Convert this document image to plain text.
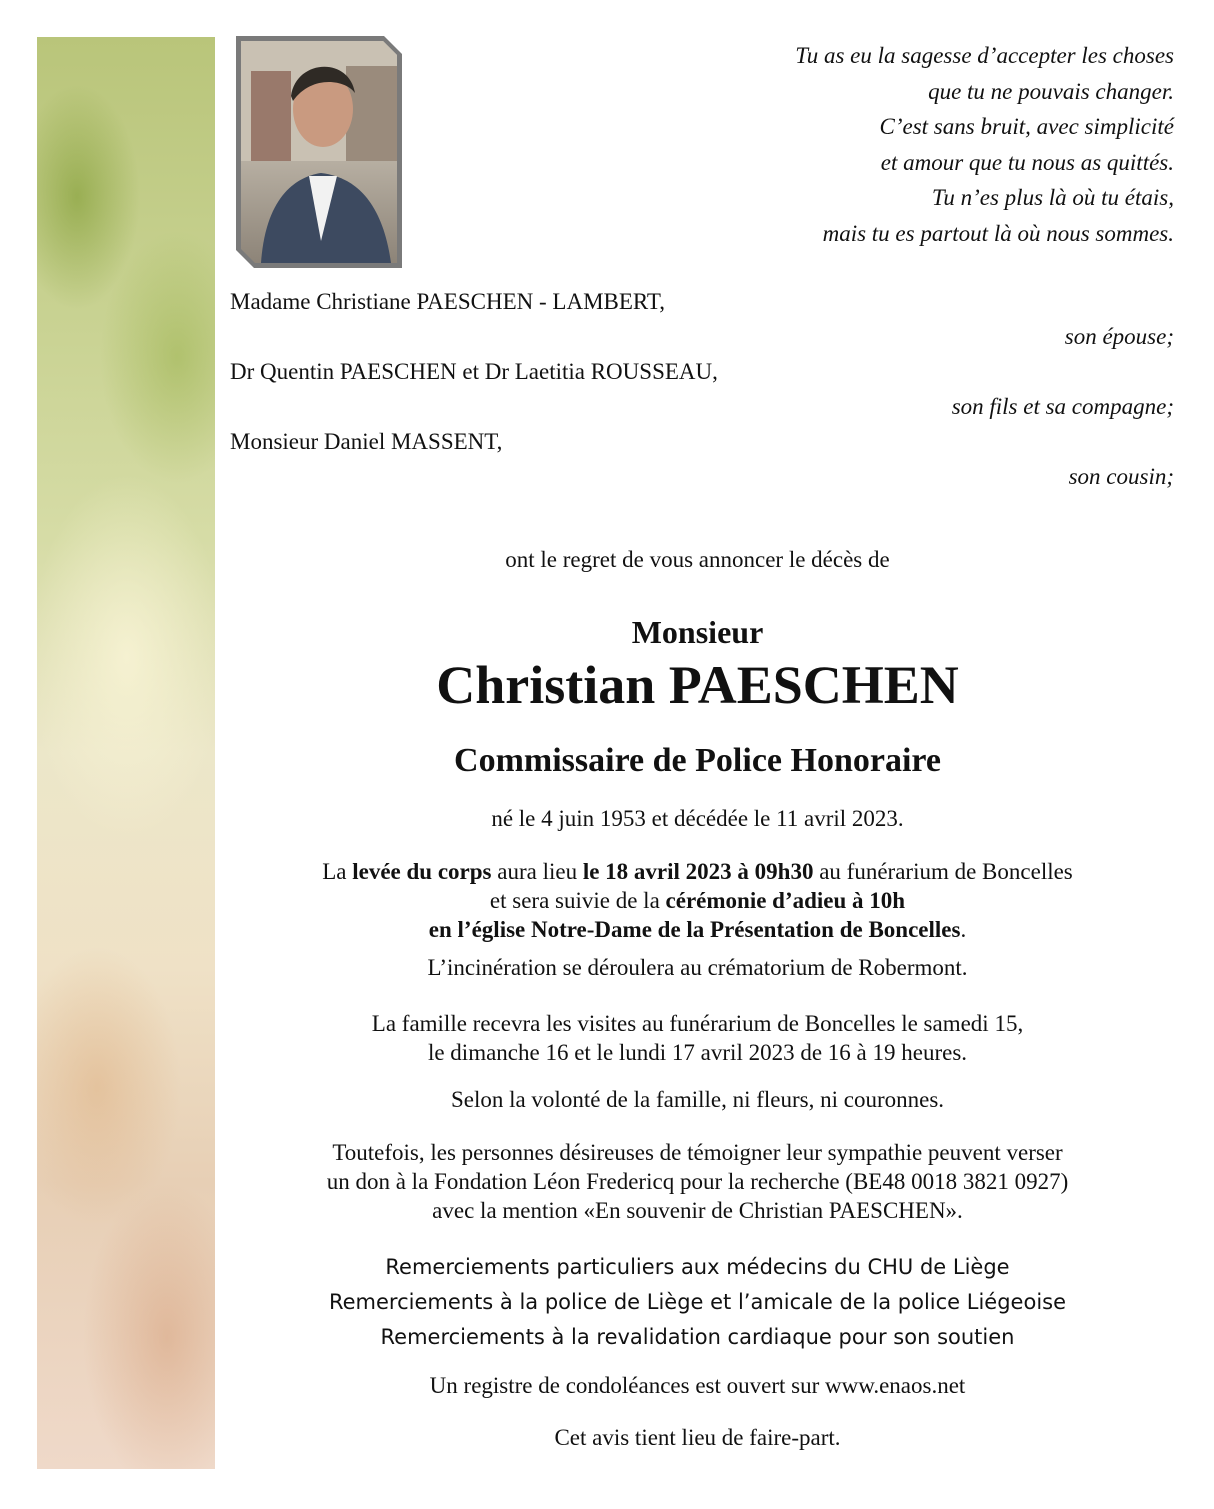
Tu as eu la sagesse d’accepter les choses
que tu ne pouvais changer.
C’est sans bruit, avec simplicité
et amour que tu nous as quittés.
Tu n’es plus là où tu étais,
mais tu es partout là où nous sommes.
Madame Christiane PAESCHEN - LAMBERT,
son épouse;
Dr Quentin PAESCHEN et Dr Laetitia ROUSSEAU,
son fils et sa compagne;
Monsieur Daniel MASSENT,
son cousin;
ont le regret de vous annoncer le décès de
Monsieur
Christian PAESCHEN
Commissaire de Police Honoraire
né le 4 juin 1953 et décédée le 11 avril 2023.
La levée du corps aura lieu le 18 avril 2023 à 09h30 au funérarium de Boncelles
et sera suivie de la cérémonie d’adieu à 10h
en l’église Notre-Dame de la Présentation de Boncelles.
L’incinération se déroulera au crématorium de Robermont.
La famille recevra les visites au funérarium de Boncelles le samedi 15,
le dimanche 16 et le lundi 17 avril 2023 de 16 à 19 heures.
Selon la volonté de la famille, ni fleurs, ni couronnes.
Toutefois, les personnes désireuses de témoigner leur sympathie peuvent verser
un don à la Fondation Léon Fredericq pour la recherche (BE48 0018 3821 0927)
avec la mention «En souvenir de Christian PAESCHEN».
Remerciements particuliers aux médecins du CHU de Liège
Remerciements à la police de Liège et l’amicale de la police Liégeoise
Remerciements à la revalidation cardiaque pour son soutien
Un registre de condoléances est ouvert sur www.enaos.net
Cet avis tient lieu de faire-part.
